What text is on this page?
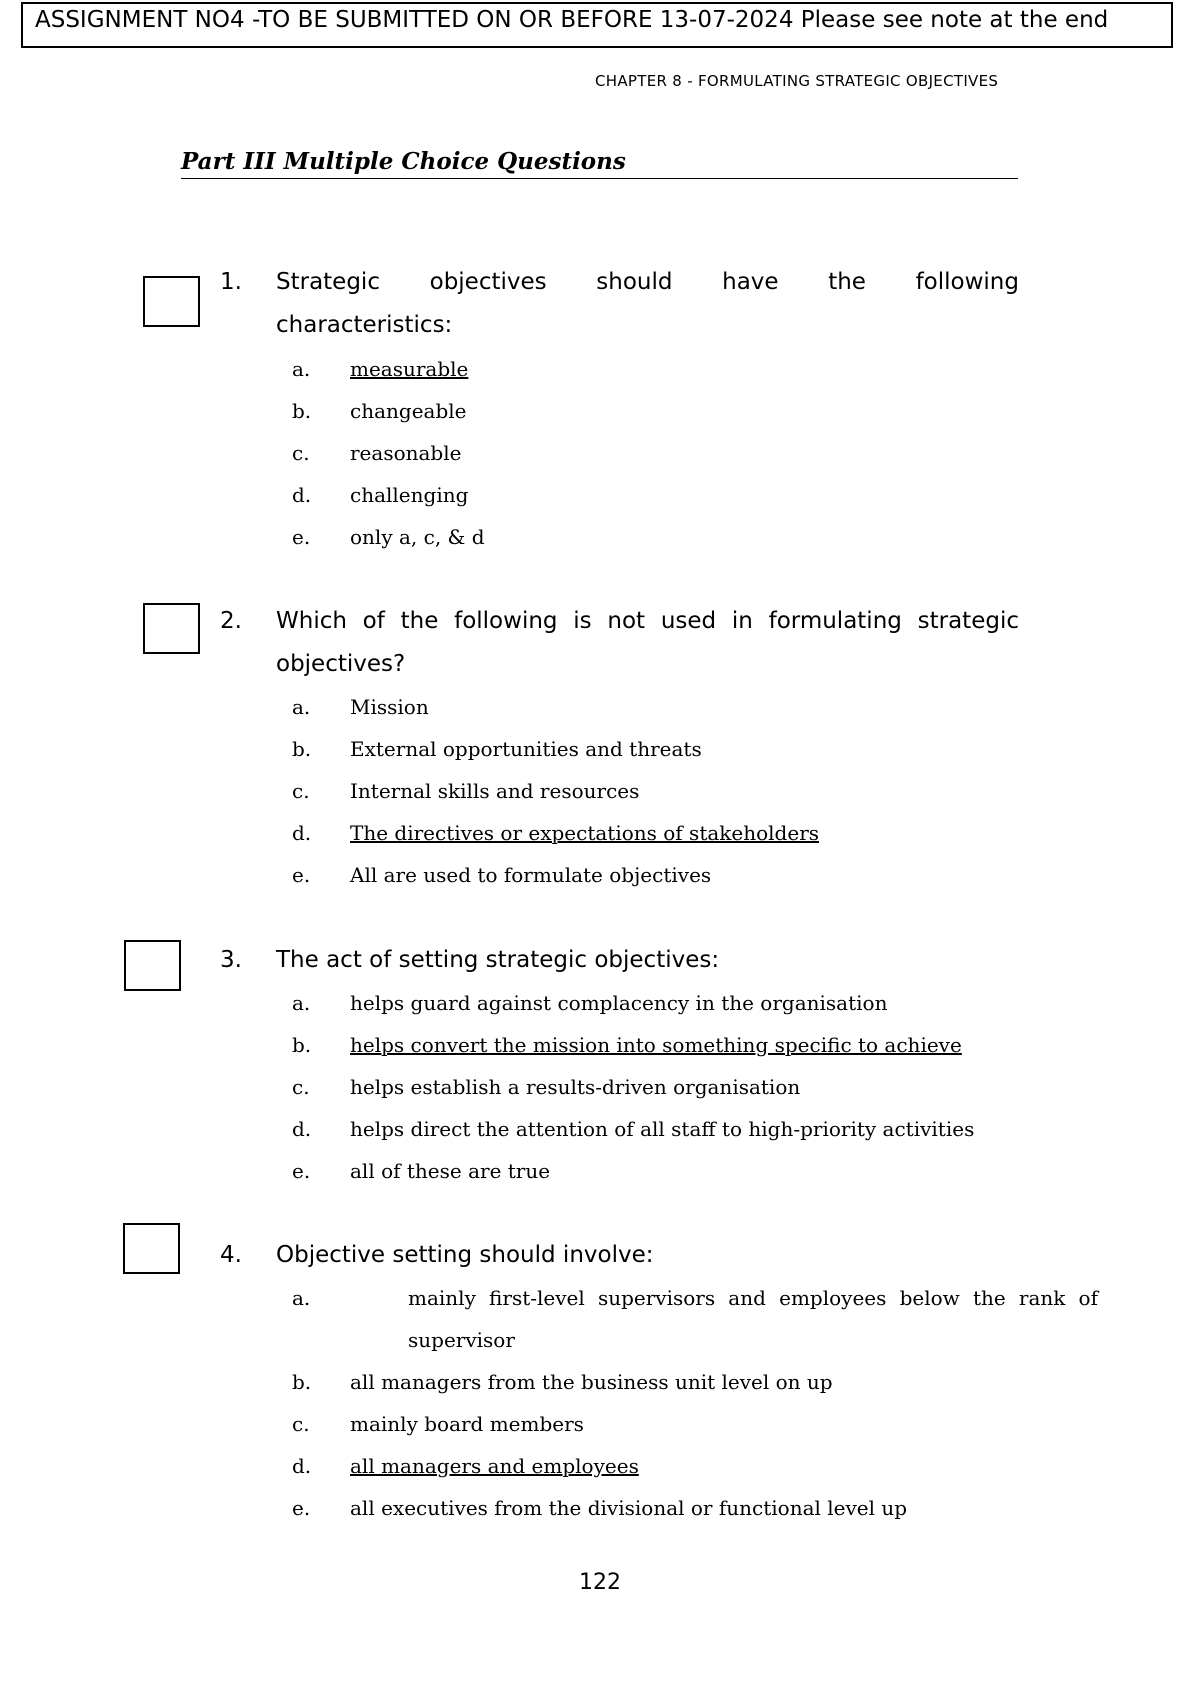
ASSIGNMENT NO4 -TO BE SUBMITTED ON OR BEFORE 13-07-2024 Please see note at the end
CHAPTER 8 - FORMULATING STRATEGIC OBJECTIVES
Part III Multiple Choice Questions
1. Strategic objectives should have the following
characteristics:
a. measurable
b. changeable
c. reasonable
d. challenging
e. only a, c, & d
2. Which of the following is not used in formulating strategic
objectives?
a. Mission
b. External opportunities and threats
c. Internal skills and resources
d. The directives or expectations of stakeholders
e. All are used to formulate objectives
3. The act of setting strategic objectives:
a. helps guard against complacency in the organisation
b. helps convert the mission into something specific to achieve
c. helps establish a results-driven organisation
d. helps direct the attention of all staff to high-priority activities
e. all of these are true
4. Objective setting should involve:
a.	mainly first-level supervisors and employees below the rank of supervisor
b. all managers from the business unit level on up
c. mainly board members
d. all managers and employees
e. all executives from the divisional or functional level up
122
